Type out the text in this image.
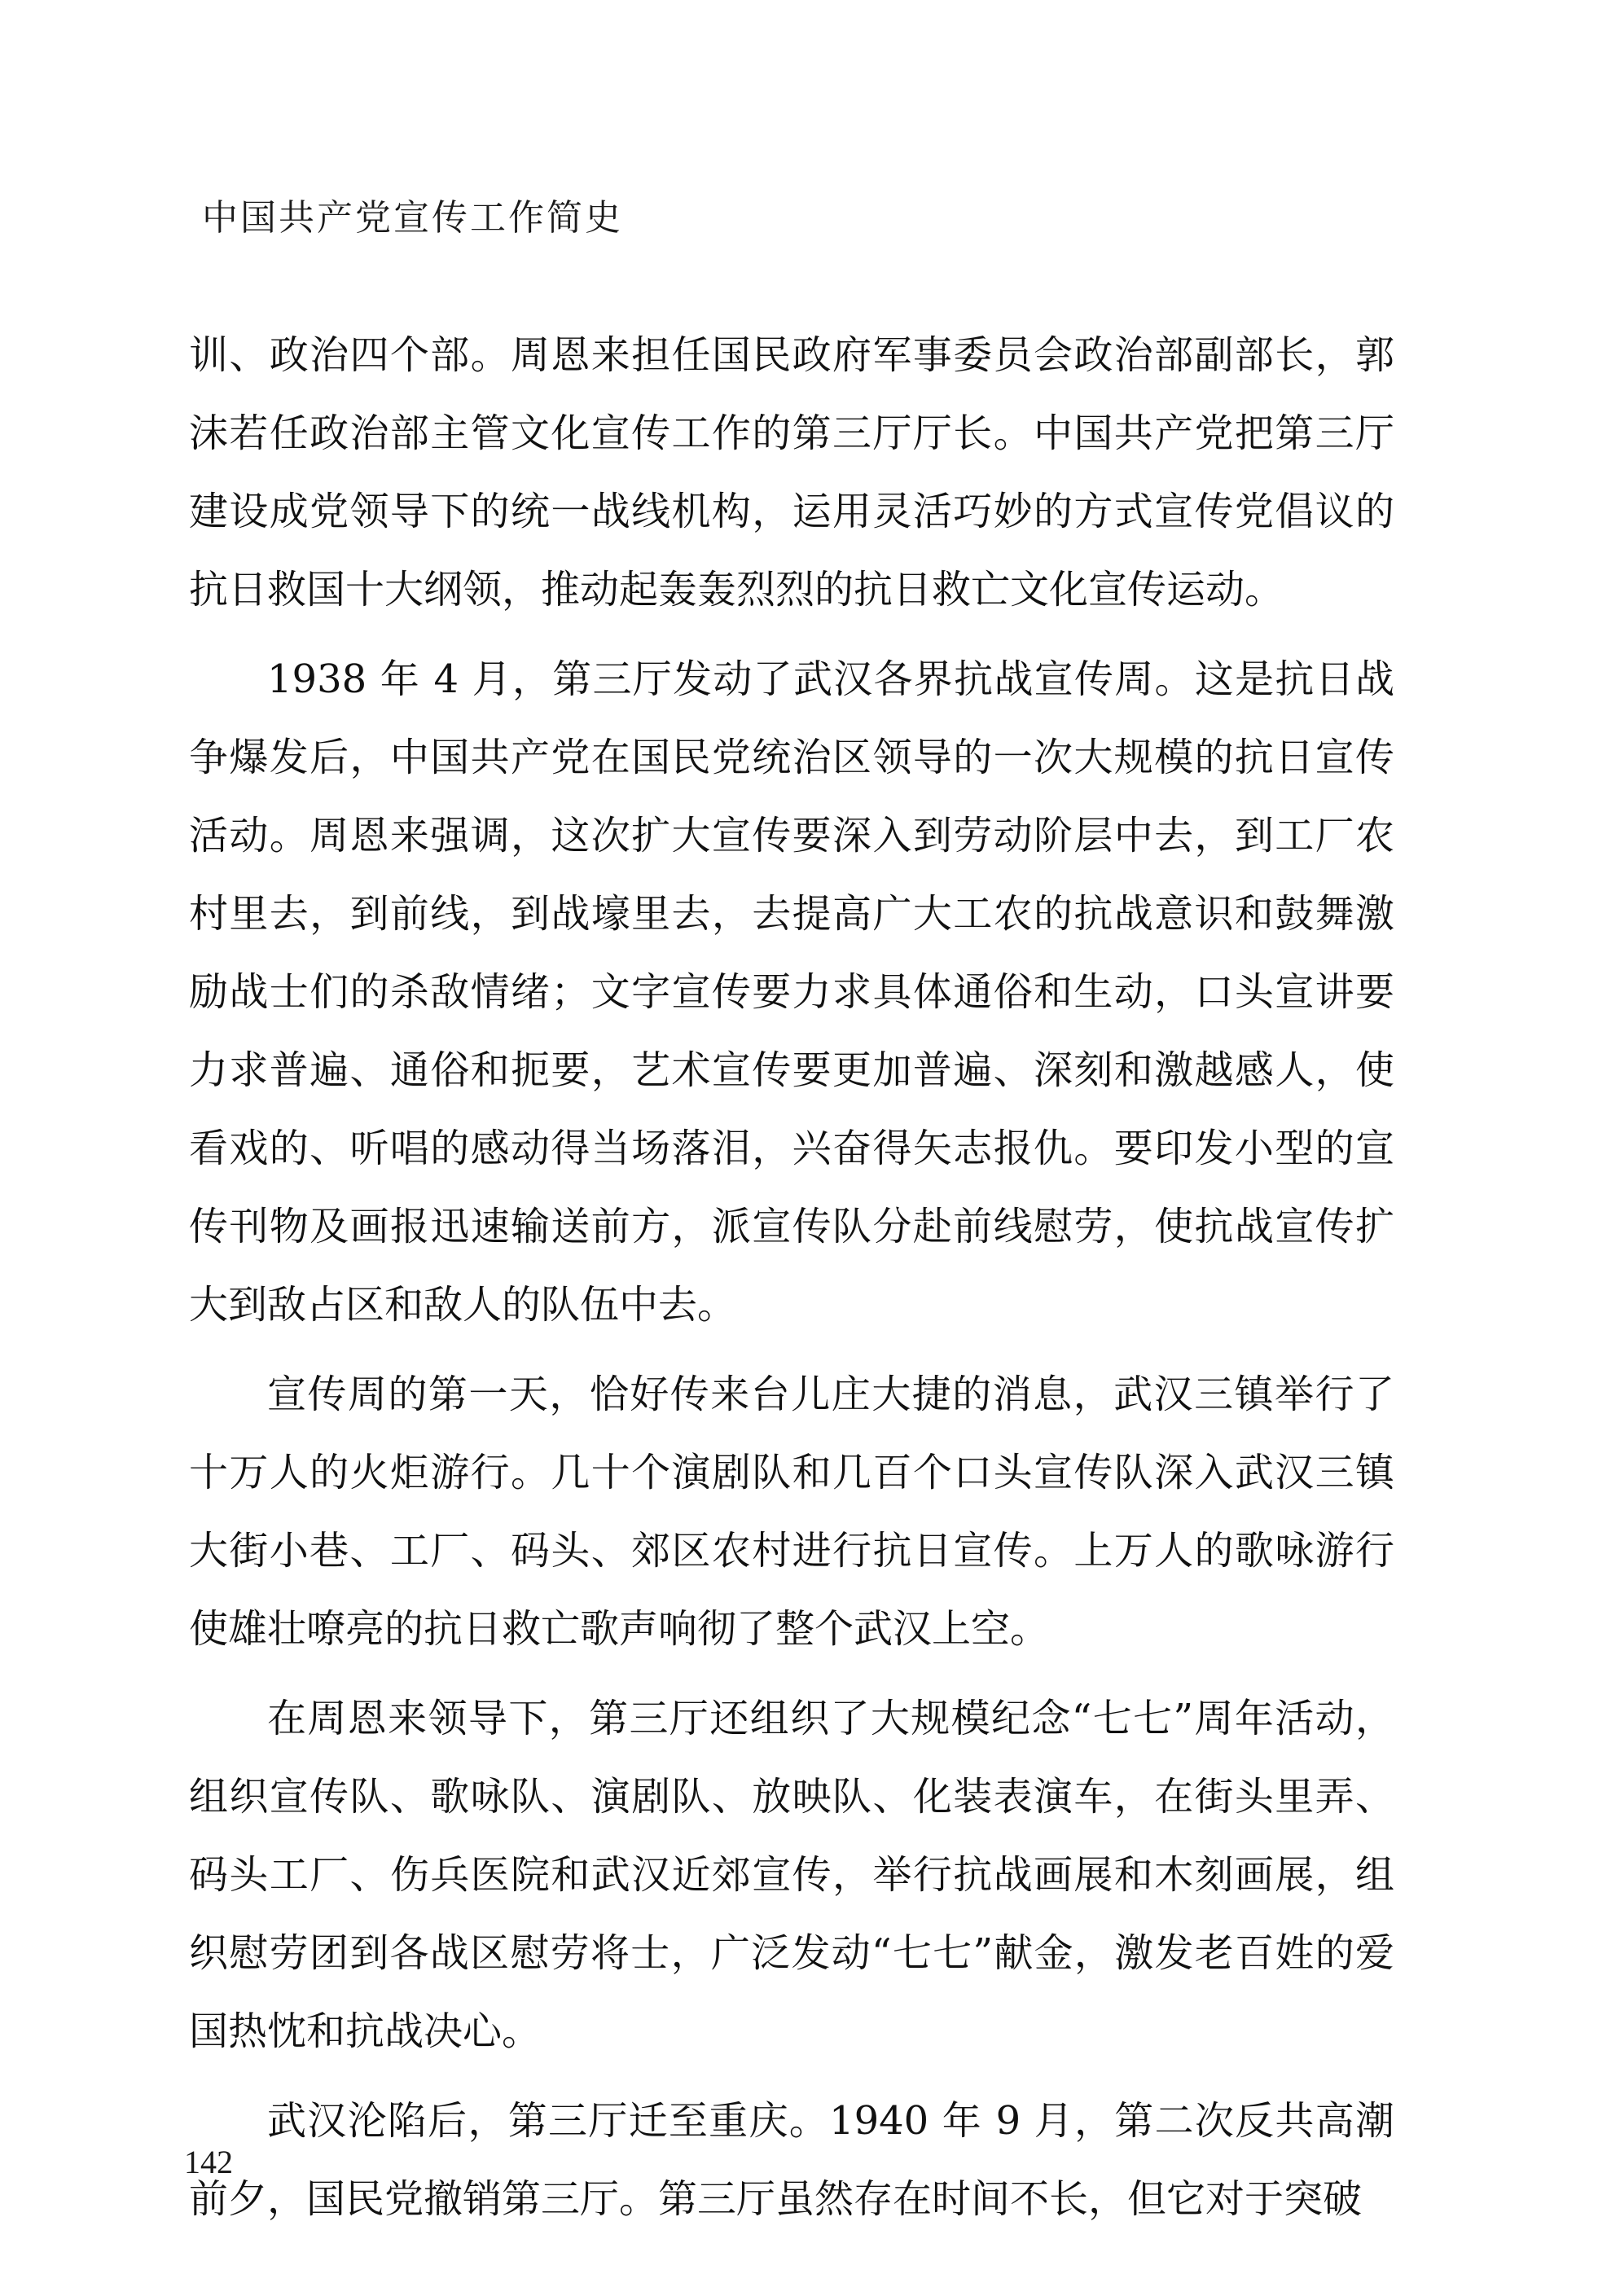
中国共产党宣传工作简史

训、政治四个部。周恩来担任国民政府军事委员会政治部副部长，郭沫若任政治部主管文化宣传工作的第三厅厅长。中国共产党把第三厅建设成党领导下的统一战线机构，运用灵活巧妙的方式宣传党倡议的抗日救国十大纲领，推动起轰轰烈烈的抗日救亡文化宣传运动。

1938 年 4 月，第三厅发动了武汉各界抗战宣传周。这是抗日战争爆发后，中国共产党在国民党统治区领导的一次大规模的抗日宣传活动。周恩来强调，这次扩大宣传要深入到劳动阶层中去，到工厂农村里去，到前线，到战壕里去，去提高广大工农的抗战意识和鼓舞激励战士们的杀敌情绪；文字宣传要力求具体通俗和生动，口头宣讲要力求普遍、通俗和扼要，艺术宣传要更加普遍、深刻和激越感人，使看戏的、听唱的感动得当场落泪，兴奋得矢志报仇。要印发小型的宣传刊物及画报迅速输送前方，派宣传队分赴前线慰劳，使抗战宣传扩大到敌占区和敌人的队伍中去。

宣传周的第一天，恰好传来台儿庄大捷的消息，武汉三镇举行了十万人的火炬游行。几十个演剧队和几百个口头宣传队深入武汉三镇大街小巷、工厂、码头、郊区农村进行抗日宣传。上万人的歌咏游行使雄壮嘹亮的抗日救亡歌声响彻了整个武汉上空。

在周恩来领导下，第三厅还组织了大规模纪念“七七”周年活动，组织宣传队、歌咏队、演剧队、放映队、化装表演车，在街头里弄、码头工厂、伤兵医院和武汉近郊宣传，举行抗战画展和木刻画展，组织慰劳团到各战区慰劳将士，广泛发动“七七”献金，激发老百姓的爱国热忱和抗战决心。

武汉沦陷后，第三厅迁至重庆。1940 年 9 月，第二次反共高潮前夕，国民党撤销第三厅。第三厅虽然存在时间不长，但它对于突破

142
